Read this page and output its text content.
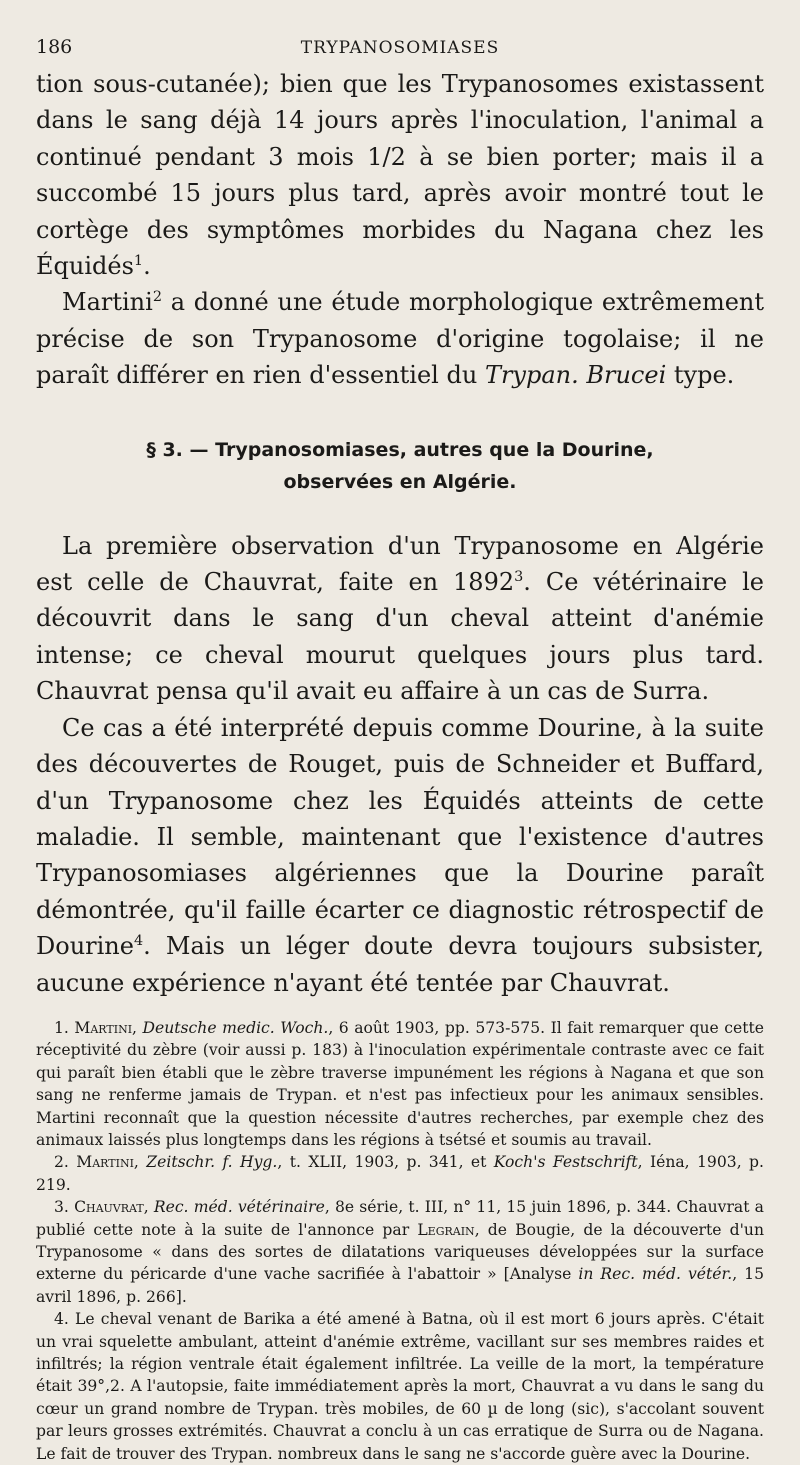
186	TRYPANOSOMIASES

tion sous-cutanée); bien que les Trypanosomes existassent dans le sang déjà 14 jours après l'inoculation, l'animal a continué pendant 3 mois 1/2 à se bien porter; mais il a succombé 15 jours plus tard, après avoir montré tout le cortège des symptômes morbides du Nagana chez les Équidés$^1$.

Martini$^2$ a donné une étude morphologique extrêmement précise de son Trypanosome d'origine togolaise; il ne paraît différer en rien d'essentiel du Trypan. Brucei type.

§ 3. — Trypanosomiases, autres que la Dourine,
observées en Algérie.

La première observation d'un Trypanosome en Algérie est celle de Chauvrat, faite en 1892$^3$. Ce vétérinaire le découvrit dans le sang d'un cheval atteint d'anémie intense; ce cheval mourut quelques jours plus tard. Chauvrat pensa qu'il avait eu affaire à un cas de Surra.

Ce cas a été interprété depuis comme Dourine, à la suite des découvertes de Rouget, puis de Schneider et Buffard, d'un Trypanosome chez les Équidés atteints de cette maladie. Il semble, maintenant que l'existence d'autres Trypanosomiases algériennes que la Dourine paraît démontrée, qu'il faille écarter ce diagnostic rétrospectif de Dourine$^4$. Mais un léger doute devra toujours subsister, aucune expérience n'ayant été tentée par Chauvrat.

1. Martini, Deutsche medic. Woch., 6 août 1903, pp. 573-575. Il fait remarquer que cette réceptivité du zèbre (voir aussi p. 183) à l'inoculation expérimentale contraste avec ce fait qui paraît bien établi que le zèbre traverse impunément les régions à Nagana et que son sang ne renferme jamais de Trypan. et n'est pas infectieux pour les animaux sensibles. Martini reconnaît que la question nécessite d'autres recherches, par exemple chez des animaux laissés plus longtemps dans les régions à tsétsé et soumis au travail.

2. Martini, Zeitschr. f. Hyg., t. XLII, 1903, p. 341, et Koch's Festschrift, Iéna, 1903, p. 219.

3. Chauvrat, Rec. méd. vétérinaire, 8e série, t. III, n° 11, 15 juin 1896, p. 344. Chauvrat a publié cette note à la suite de l'annonce par Legrain, de Bougie, de la découverte d'un Trypanosome « dans des sortes de dilatations variqueuses développées sur la surface externe du péricarde d'une vache sacrifiée à l'abattoir » [Analyse in Rec. méd. vétér., 15 avril 1896, p. 266].

4. Le cheval venant de Barika a été amené à Batna, où il est mort 6 jours après. C'était un vrai squelette ambulant, atteint d'anémie extrême, vacillant sur ses membres raides et infiltrés; la région ventrale était également infiltrée. La veille de la mort, la température était 39°,2. A l'autopsie, faite immédiatement après la mort, Chauvrat a vu dans le sang du cœur un grand nombre de Trypan. très mobiles, de 60 µ de long (sic), s'accolant souvent par leurs grosses extrémités. Chauvrat a conclu à un cas erratique de Surra ou de Nagana. Le fait de trouver des Trypan. nombreux dans le sang ne s'accorde guère avec la Dourine.
